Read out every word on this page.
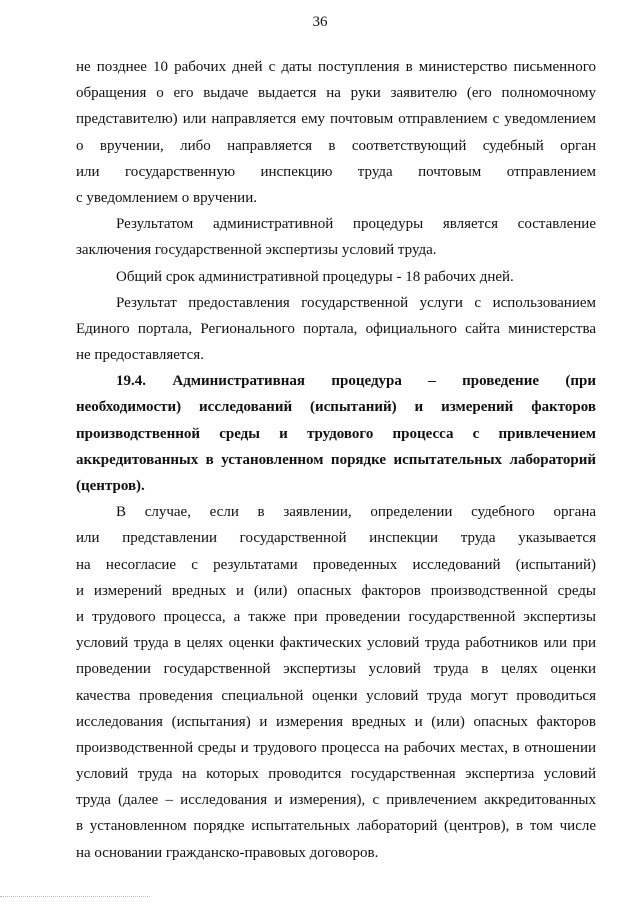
36
не позднее 10 рабочих дней с даты поступления в министерство письменного
обращения о его выдаче выдается на руки заявителю (его полномочному
представителю) или направляется ему почтовым отправлением с уведомлением
о вручении, либо направляется в соответствующий судебный орган
или государственную инспекцию труда почтовым отправлением
с уведомлением о вручении.
Результатом административной процедуры является составление
заключения государственной экспертизы условий труда.
Общий срок административной процедуры - 18 рабочих дней.
Результат предоставления государственной услуги с использованием
Единого портала, Регионального портала, официального сайта министерства
не предоставляется.
19.4. Административная процедура – проведение (при
необходимости) исследований (испытаний) и измерений факторов
производственной среды и трудового процесса с привлечением
аккредитованных в установленном порядке испытательных лабораторий
(центров).
В случае, если в заявлении, определении судебного органа
или представлении государственной инспекции труда указывается
на несогласие с результатами проведенных исследований (испытаний)
и измерений вредных и (или) опасных факторов производственной среды
и трудового процесса, а также при проведении государственной экспертизы
условий труда в целях оценки фактических условий труда работников или при
проведении государственной экспертизы условий труда в целях оценки
качества проведения специальной оценки условий труда могут проводиться
исследования (испытания) и измерения вредных и (или) опасных факторов
производственной среды и трудового процесса на рабочих местах, в отношении
условий труда на которых проводится государственная экспертиза условий
труда (далее – исследования и измерения), с привлечением аккредитованных
в установленном порядке испытательных лабораторий (центров), в том числе
на основании гражданско-правовых договоров.
